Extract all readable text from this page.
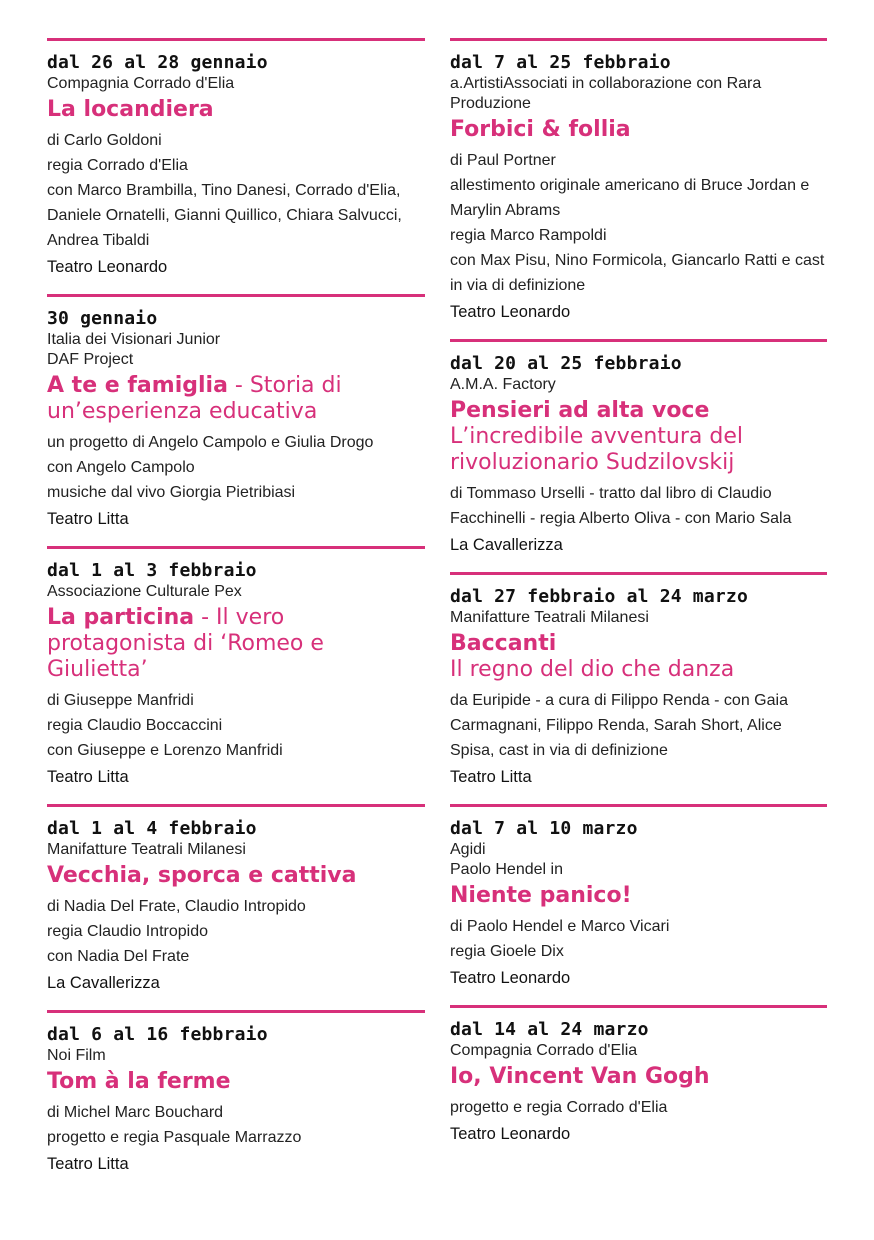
dal 26 al 28 gennaio
Compagnia Corrado d'Elia
La locandiera
di Carlo Goldoni
regia Corrado d'Elia
con Marco Brambilla, Tino Danesi, Corrado d'Elia, Daniele Ornatelli, Gianni Quillico, Chiara Salvucci, Andrea Tibaldi
Teatro Leonardo
30 gennaio
Italia dei Visionari Junior
DAF Project
A te e famiglia - Storia di un’esperienza educativa
un progetto di Angelo Campolo e Giulia Drogo
con Angelo Campolo
musiche dal vivo Giorgia Pietribiasi
Teatro Litta
dal 1 al 3 febbraio
Associazione Culturale Pex
La particina - Il vero protagonista di ‘Romeo e Giulietta’
di Giuseppe Manfridi
regia Claudio Boccaccini
con Giuseppe e Lorenzo Manfridi
Teatro Litta
dal 1 al 4 febbraio
Manifatture Teatrali Milanesi
Vecchia, sporca e cattiva
di Nadia Del Frate, Claudio Intropido
regia Claudio Intropido
con Nadia Del Frate
La Cavallerizza
dal 6 al 16 febbraio
Noi Film
Tom à la ferme
di Michel Marc Bouchard
progetto e regia Pasquale Marrazzo
Teatro Litta
dal 7 al 25 febbraio
a.ArtistiAssociati in collaborazione con Rara Produzione
Forbici & follia
di Paul Portner
allestimento originale americano di Bruce Jordan e Marylin Abrams
regia Marco Rampoldi
con Max Pisu, Nino Formicola, Giancarlo Ratti e cast in via di definizione
Teatro Leonardo
dal 20 al 25 febbraio
A.M.A. Factory
Pensieri ad alta voce
L’incredibile avventura del rivoluzionario Sudzilovskij
di Tommaso Urselli - tratto dal libro di Claudio Facchinelli - regia Alberto Oliva - con Mario Sala
La Cavallerizza
dal 27 febbraio al 24 marzo
Manifatture Teatrali Milanesi
Baccanti
Il regno del dio che danza
da Euripide - a cura di Filippo Renda - con Gaia Carmagnani, Filippo Renda, Sarah Short, Alice Spisa, cast in via di definizione
Teatro Litta
dal 7 al 10 marzo
Agidi
Paolo Hendel in
Niente panico!
di Paolo Hendel e Marco Vicari
regia Gioele Dix
Teatro Leonardo
dal 14 al 24 marzo
Compagnia Corrado d'Elia
Io, Vincent Van Gogh
progetto e regia Corrado d'Elia
Teatro Leonardo
